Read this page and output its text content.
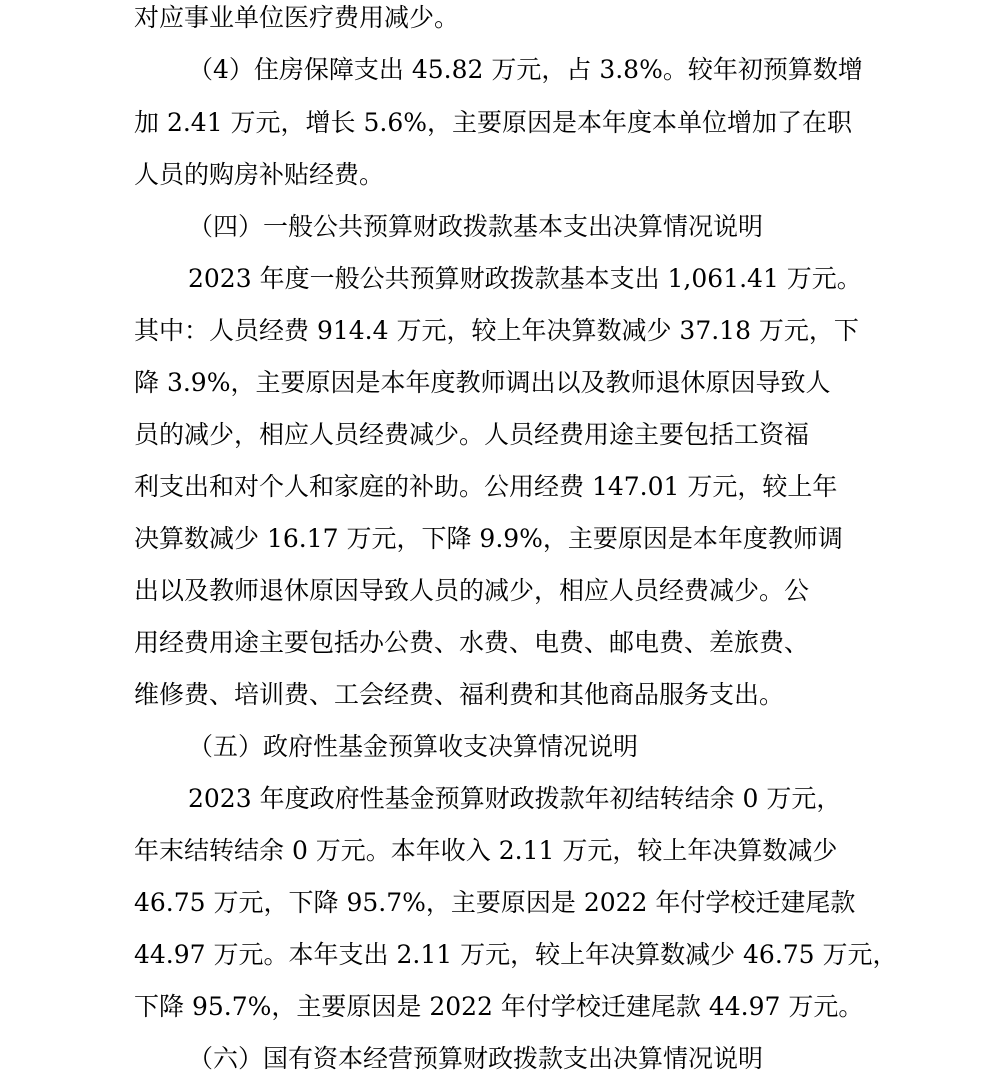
对应事业单位医疗费用减少。
（4）住房保障支出 45.82 万元，占 3.8%。较年初预算数增
加 2.41 万元，增长 5.6%，主要原因是本年度本单位增加了在职
人员的购房补贴经费。
（四）一般公共预算财政拨款基本支出决算情况说明
2023 年度一般公共预算财政拨款基本支出 1,061.41 万元。
其中：人员经费 914.4 万元，较上年决算数减少 37.18 万元，下
降 3.9%，主要原因是本年度教师调出以及教师退休原因导致人
员的减少，相应人员经费减少。人员经费用途主要包括工资福
利支出和对个人和家庭的补助。公用经费 147.01 万元，较上年
决算数减少 16.17 万元，下降 9.9%，主要原因是本年度教师调
出以及教师退休原因导致人员的减少，相应人员经费减少。公
用经费用途主要包括办公费、水费、电费、邮电费、差旅费、
维修费、培训费、工会经费、福利费和其他商品服务支出。
（五）政府性基金预算收支决算情况说明
2023 年度政府性基金预算财政拨款年初结转结余 0 万元，
年末结转结余 0 万元。本年收入 2.11 万元，较上年决算数减少
46.75 万元，下降 95.7%，主要原因是 2022 年付学校迁建尾款
44.97 万元。本年支出 2.11 万元，较上年决算数减少 46.75 万元，
下降 95.7%，主要原因是 2022 年付学校迁建尾款 44.97 万元。
（六）国有资本经营预算财政拨款支出决算情况说明
